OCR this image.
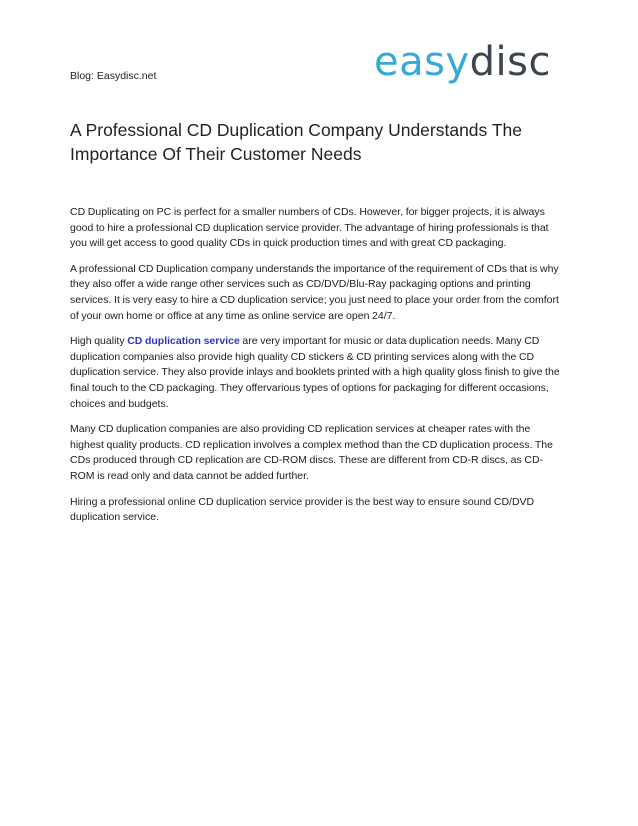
Blog: Easydisc.net	easydisc
A Professional CD Duplication Company Understands The Importance Of Their Customer Needs

CD Duplicating on PC is perfect for a smaller numbers of CDs. However, for bigger projects, it is always good to hire a professional CD duplication service provider. The advantage of hiring professionals is that you will get access to good quality CDs in quick production times and with great CD packaging.

A professional CD Duplication company understands the importance of the requirement of CDs that is why they also offer a wide range other services such as CD/DVD/Blu-Ray packaging options and printing services. It is very easy to hire a CD duplication service; you just need to place your order from the comfort of your own home or office at any time as online service are open 24/7.

High quality CD duplication service are very important for music or data duplication needs. Many CD duplication companies also provide high quality CD stickers & CD printing services along with the CD duplication service. They also provide inlays and booklets printed with a high quality gloss finish to give the final touch to the CD packaging. They offervarious types of options for packaging for different occasions, choices and budgets.

Many CD duplication companies are also providing CD replication services at cheaper rates with the highest quality products. CD replication involves a complex method than the CD duplication process. The CDs produced through CD replication are CD-ROM discs. These are different from CD-R discs, as CD-ROM is read only and data cannot be added further.

Hiring a professional online CD duplication service provider is the best way to ensure sound CD/DVD duplication service.
